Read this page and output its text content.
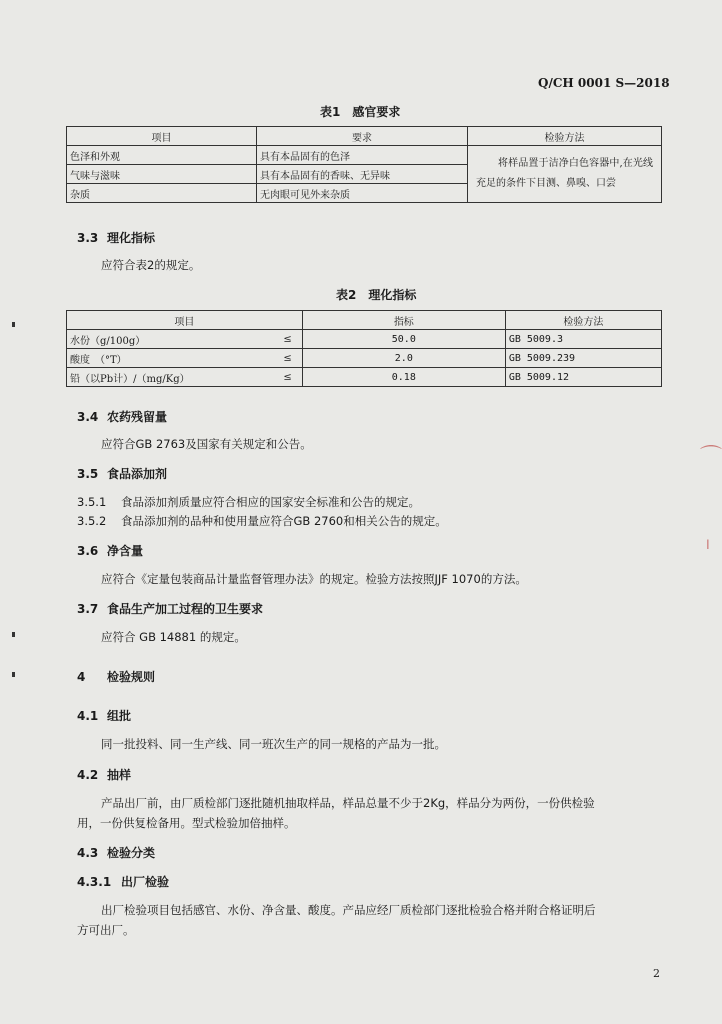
Q/CH 0001 S—2018
表1　感官要求
项目	要求	检验方法
色泽和外观	具有本品固有的色泽	将样品置于洁净白色容器中,在光线充足的条件下目测、鼻嗅、口尝
气味与滋味	具有本品固有的香味、无异味	
杂质	无肉眼可见外来杂质	
3.3 理化指标
应符合表2的规定。
表2　理化指标
项目		指标	检验方法
水份（g/100g）	≤	50.0	GB 5009.3
酸度　（°T）	≤	2.0	GB 5009.239
铅（以Pb计）/（mg/Kg）	≤	0.18	GB 5009.12
3.4 农药残留量
应符合GB 2763及国家有关规定和公告。
3.5 食品添加剂
3.5.1 食品添加剂质量应符合相应的国家安全标准和公告的规定。
3.5.2 食品添加剂的品种和使用量应符合GB 2760和相关公告的规定。
3.6 净含量
应符合《定量包装商品计量监督管理办法》的规定。检验方法按照JJF 1070的方法。
3.7 食品生产加工过程的卫生要求
应符合 GB 14881 的规定。
4 检验规则
4.1 组批
同一批投料、同一生产线、同一班次生产的同一规格的产品为一批。
4.2 抽样
产品出厂前，由厂质检部门逐批随机抽取样品，样品总量不少于2Kg，样品分为两份，一份供检验
用，一份供复检备用。型式检验加倍抽样。
4.3 检验分类
4.3.1 出厂检验
出厂检验项目包括感官、水份、净含量、酸度。产品应经厂质检部门逐批检验合格并附合格证明后
方可出厂。
2
⌒
╷
